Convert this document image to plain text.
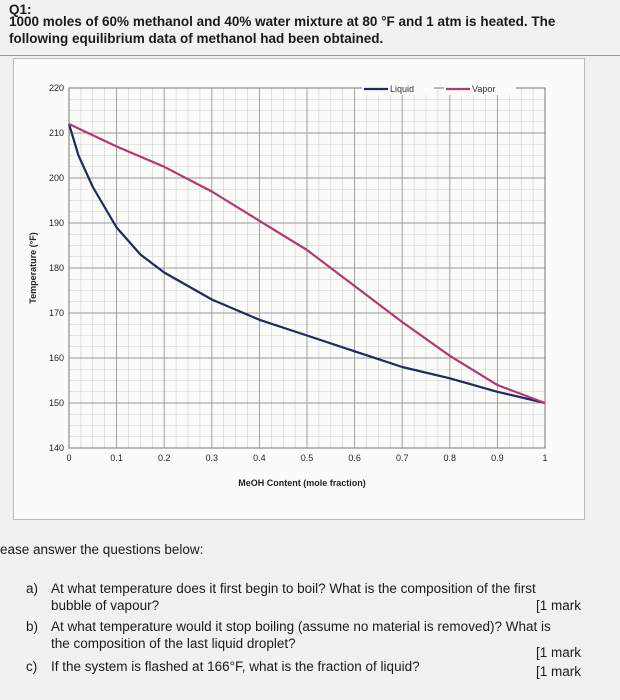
Q1:
1000 moles of 60% methanol and 40% water mixture at 80 °F and 1 atm is heated. The
following equilibrium data of methanol had been obtained.
0	0.1	0.2	0.3	0.4	0.5	0.6	0.7	0.8	0.9	1
140
150
160
170
180
190
200
210
220
MeOH Content (mole fraction)
Temperature (°F)
Liquid	Vapor
ease answer the questions below:
a) At what temperature does it first begin to boil? What is the composition of the first
bubble of vapour?	[1 mark
b) At what temperature would it stop boiling (assume no material is removed)? What is
the composition of the last liquid droplet?
[1 mark
c) If the system is flashed at 166°F, what is the fraction of liquid?	[1 mark
